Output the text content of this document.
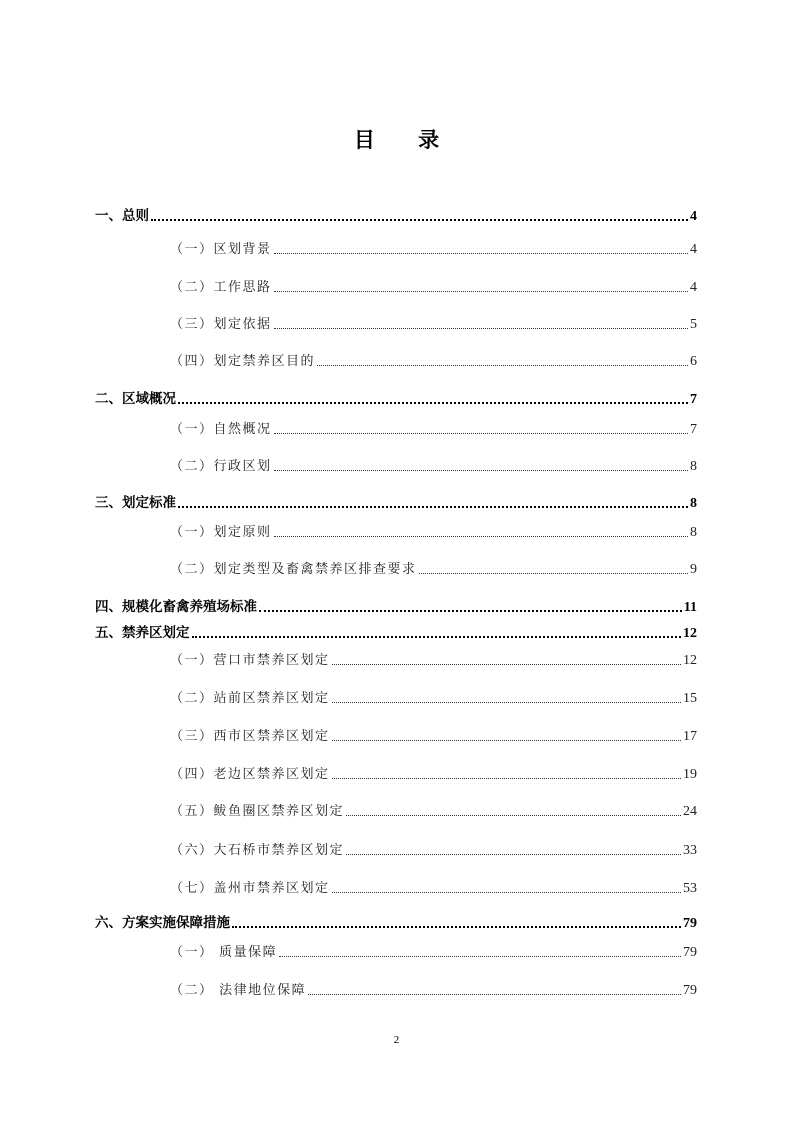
目 录
一、总则	4
（一）区划背景	4
（二）工作思路	4
（三）划定依据	5
（四）划定禁养区目的	6
二、区域概况	7
（一）自然概况	7
（二）行政区划	8
三、划定标准	8
（一）划定原则	8
（二）划定类型及畜禽禁养区排查要求	9
四、规模化畜禽养殖场标准	11
五、禁养区划定	12
（一）营口市禁养区划定	12
（二）站前区禁养区划定	15
（三）西市区禁养区划定	17
（四）老边区禁养区划定	19
（五）鲅鱼圈区禁养区划定	24
（六）大石桥市禁养区划定	33
（七）盖州市禁养区划定	53
六、方案实施保障措施	79
（一） 质量保障	79
（二） 法律地位保障	79
2
